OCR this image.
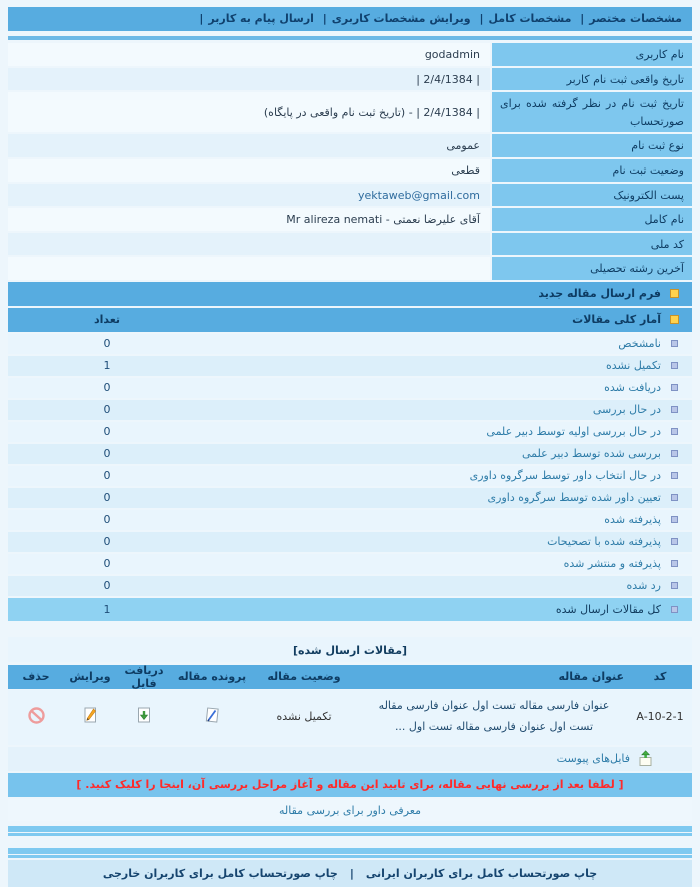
مشخصات مختصر| مشخصات کامل| ویرایش مشخصات کاربری| ارسال پیام به کاربر|
نام کاربری
godadmin
تاریخ واقعی ثبت نام کاربر
| 2/4/1384 |
تاریخ ثبت نام در نظر گرفته شده برای صورتحساب
| 2/4/1384 | - (تاریخ ثبت نام واقعی در پایگاه)
نوع ثبت نام
عمومی
وضعیت ثبت نام
قطعی
پست الکترونیک
yektaweb@gmail.com
نام کامل
Mr alireza nemati - آقای علیرضا نعمتی
کد ملی
آخرین رشته تحصیلی
فرم ارسال مقاله جدید
آمار کلی مقالات
تعداد
نامشخص
0
تکمیل نشده
1
دریافت شده
0
در حال بررسی
0
در حال بررسی اولیه توسط دبیر علمی
0
بررسی شده توسط دبیر علمی
0
در حال انتخاب داور توسط سرگروه داوری
0
تعیین داور شده توسط سرگروه داوری
0
پذیرفته شده
0
پذیرفته شده با تصحیحات
0
پذیرفته و منتشر شده
0
رد شده
0
کل مقالات ارسال شده
1
[مقالات ارسال شده]
کد
عنوان مقاله
وضعیت مقاله
پرونده مقاله
دریافت فایل
ویرایش
حذف
A-10-2-1
عنوان فارسی مقاله تست اول عنوان فارسی مقاله تست اول عنوان فارسی مقاله تست اول ...
تکمیل نشده
فایل‌های پیوست
[ لطفا بعد از بررسی نهایی مقاله، برای تایید این مقاله و آغاز مراحل بررسی آن، اینجا را کلیک کنید. ]
معرفی داور برای بررسی مقاله
چاپ صورتحساب کامل برای کاربران ایرانی|چاپ صورتحساب کامل برای کاربران خارجی
